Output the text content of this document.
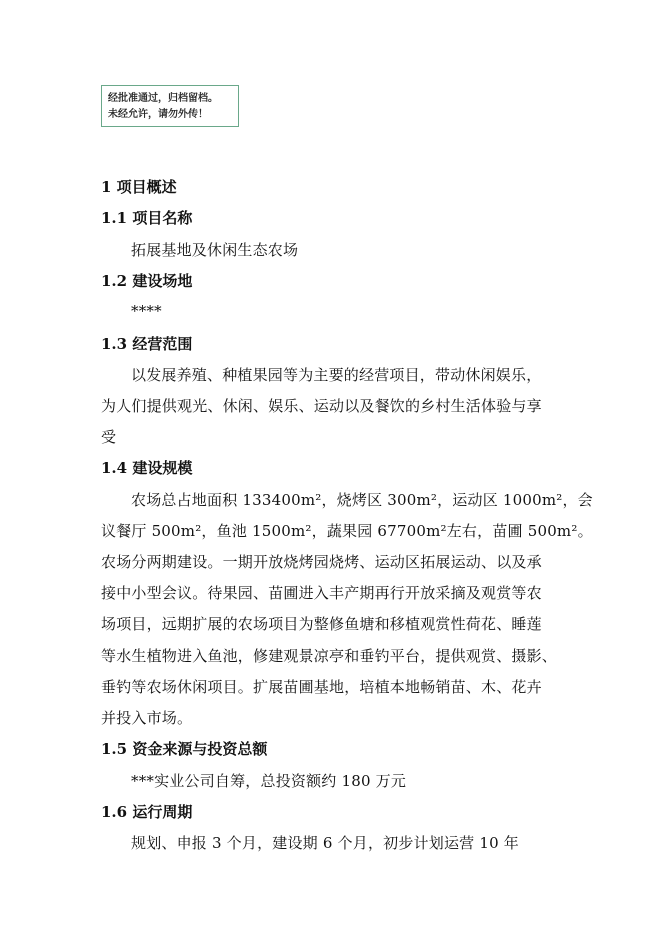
经批准通过，归档留档。
未经允许，请勿外传！
1 项目概述
1.1 项目名称
拓展基地及休闲生态农场
1.2 建设场地
****
1.3 经营范围
以发展养殖、种植果园等为主要的经营项目，带动休闲娱乐，
为人们提供观光、休闲、娱乐、运动以及餐饮的乡村生活体验与享
受
1.4 建设规模
农场总占地面积 133400m²，烧烤区 300m²，运动区 1000m²，会
议餐厅 500m²，鱼池 1500m²，蔬果园 67700m²左右，苗圃 500m²。
农场分两期建设。一期开放烧烤园烧烤、运动区拓展运动、以及承
接中小型会议。待果园、苗圃进入丰产期再行开放采摘及观赏等农
场项目，远期扩展的农场项目为整修鱼塘和移植观赏性荷花、睡莲
等水生植物进入鱼池，修建观景凉亭和垂钓平台，提供观赏、摄影、
垂钓等农场休闲项目。扩展苗圃基地，培植本地畅销苗、木、花卉
并投入市场。
1.5 资金来源与投资总额
***实业公司自筹，总投资额约 180 万元
1.6 运行周期
规划、申报 3 个月，建设期 6 个月，初步计划运营 10 年
